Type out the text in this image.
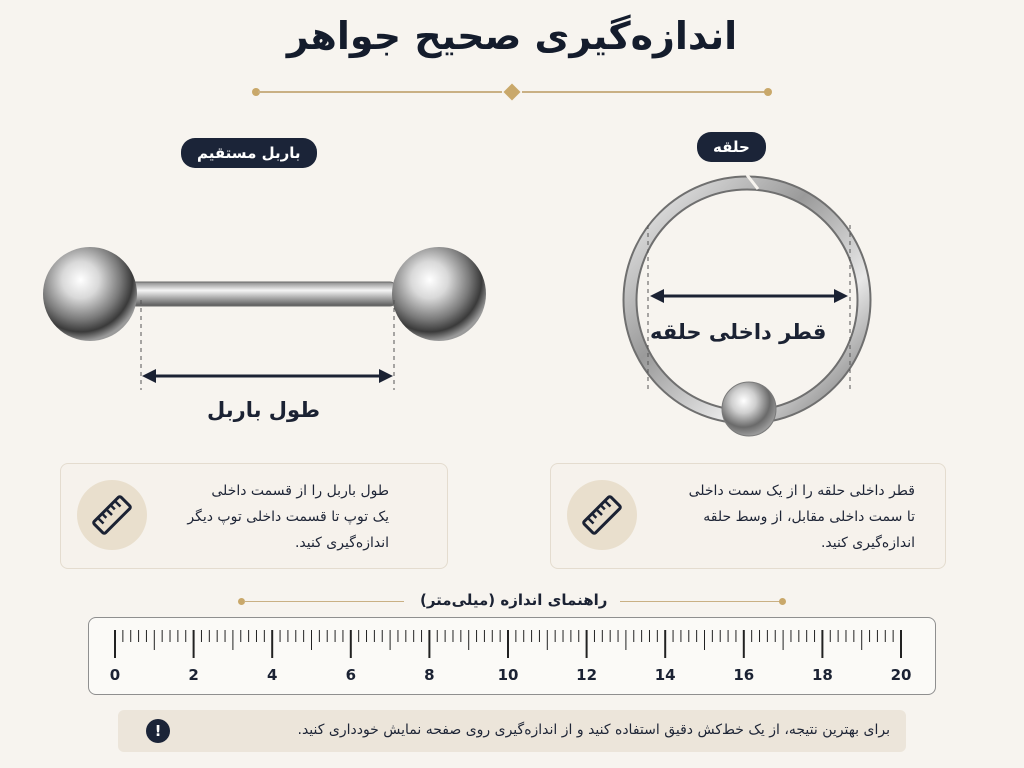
اندازه‌گیری صحیح جواهر
باربل مستقیم	حلقه
طول باربل
قطر داخلی حلقه
طول باربل را از قسمت داخلی
یک توپ تا قسمت داخلی توپ دیگر
اندازه‌گیری کنید.
قطر داخلی حلقه را از یک سمت داخلی
تا سمت داخلی مقابل، از وسط حلقه
اندازه‌گیری کنید.
راهنمای اندازه (میلی‌متر)
0	2	4	6	8	10	12	14	16	18	20
!	برای بهترین نتیجه، از یک خط‌کش دقیق استفاده کنید و از اندازه‌گیری روی صفحه نمایش خودداری کنید.
